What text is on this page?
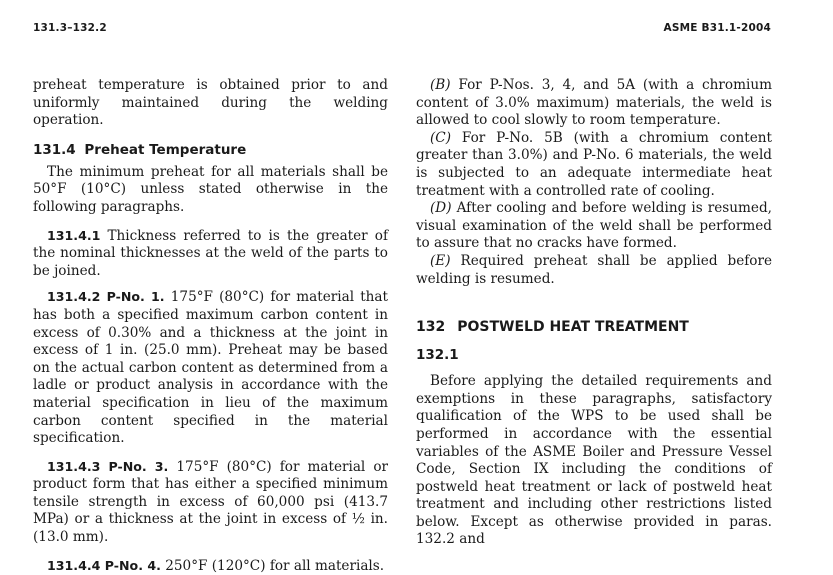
131.3–132.2	ASME B31.1-2004

preheat temperature is obtained prior to and uniformly maintained during the welding operation.

131.4 Preheat Temperature

The minimum preheat for all materials shall be 50°F (10°C) unless stated otherwise in the following paragraphs.

131.4.1 Thickness referred to is the greater of the nominal thicknesses at the weld of the parts to be joined.

131.4.2 P-No. 1. 175°F (80°C) for material that has both a specified maximum carbon content in excess of 0.30% and a thickness at the joint in excess of 1 in. (25.0 mm). Preheat may be based on the actual carbon content as determined from a ladle or product analysis in accordance with the material specification in lieu of the maximum carbon content specified in the material specification.

131.4.3 P-No. 3. 175°F (80°C) for material or product form that has either a specified minimum tensile strength in excess of 60,000 psi (413.7 MPa) or a thickness at the joint in excess of ½ in. (13.0 mm).

131.4.4 P-No. 4. 250°F (120°C) for all materials.

(B) For P-Nos. 3, 4, and 5A (with a chromium content of 3.0% maximum) materials, the weld is allowed to cool slowly to room temperature.

(C) For P-No. 5B (with a chromium content greater than 3.0%) and P-No. 6 materials, the weld is subjected to an adequate intermediate heat treatment with a controlled rate of cooling.

(D) After cooling and before welding is resumed, visual examination of the weld shall be performed to assure that no cracks have formed.

(E) Required preheat shall be applied before welding is resumed.

132 POSTWELD HEAT TREATMENT
132.1

Before applying the detailed requirements and exemptions in these paragraphs, satisfactory qualification of the WPS to be used shall be performed in accordance with the essential variables of the ASME Boiler and Pressure Vessel Code, Section IX including the conditions of postweld heat treatment or lack of postweld heat treatment and including other restrictions listed below. Except as otherwise provided in paras. 132.2 and
